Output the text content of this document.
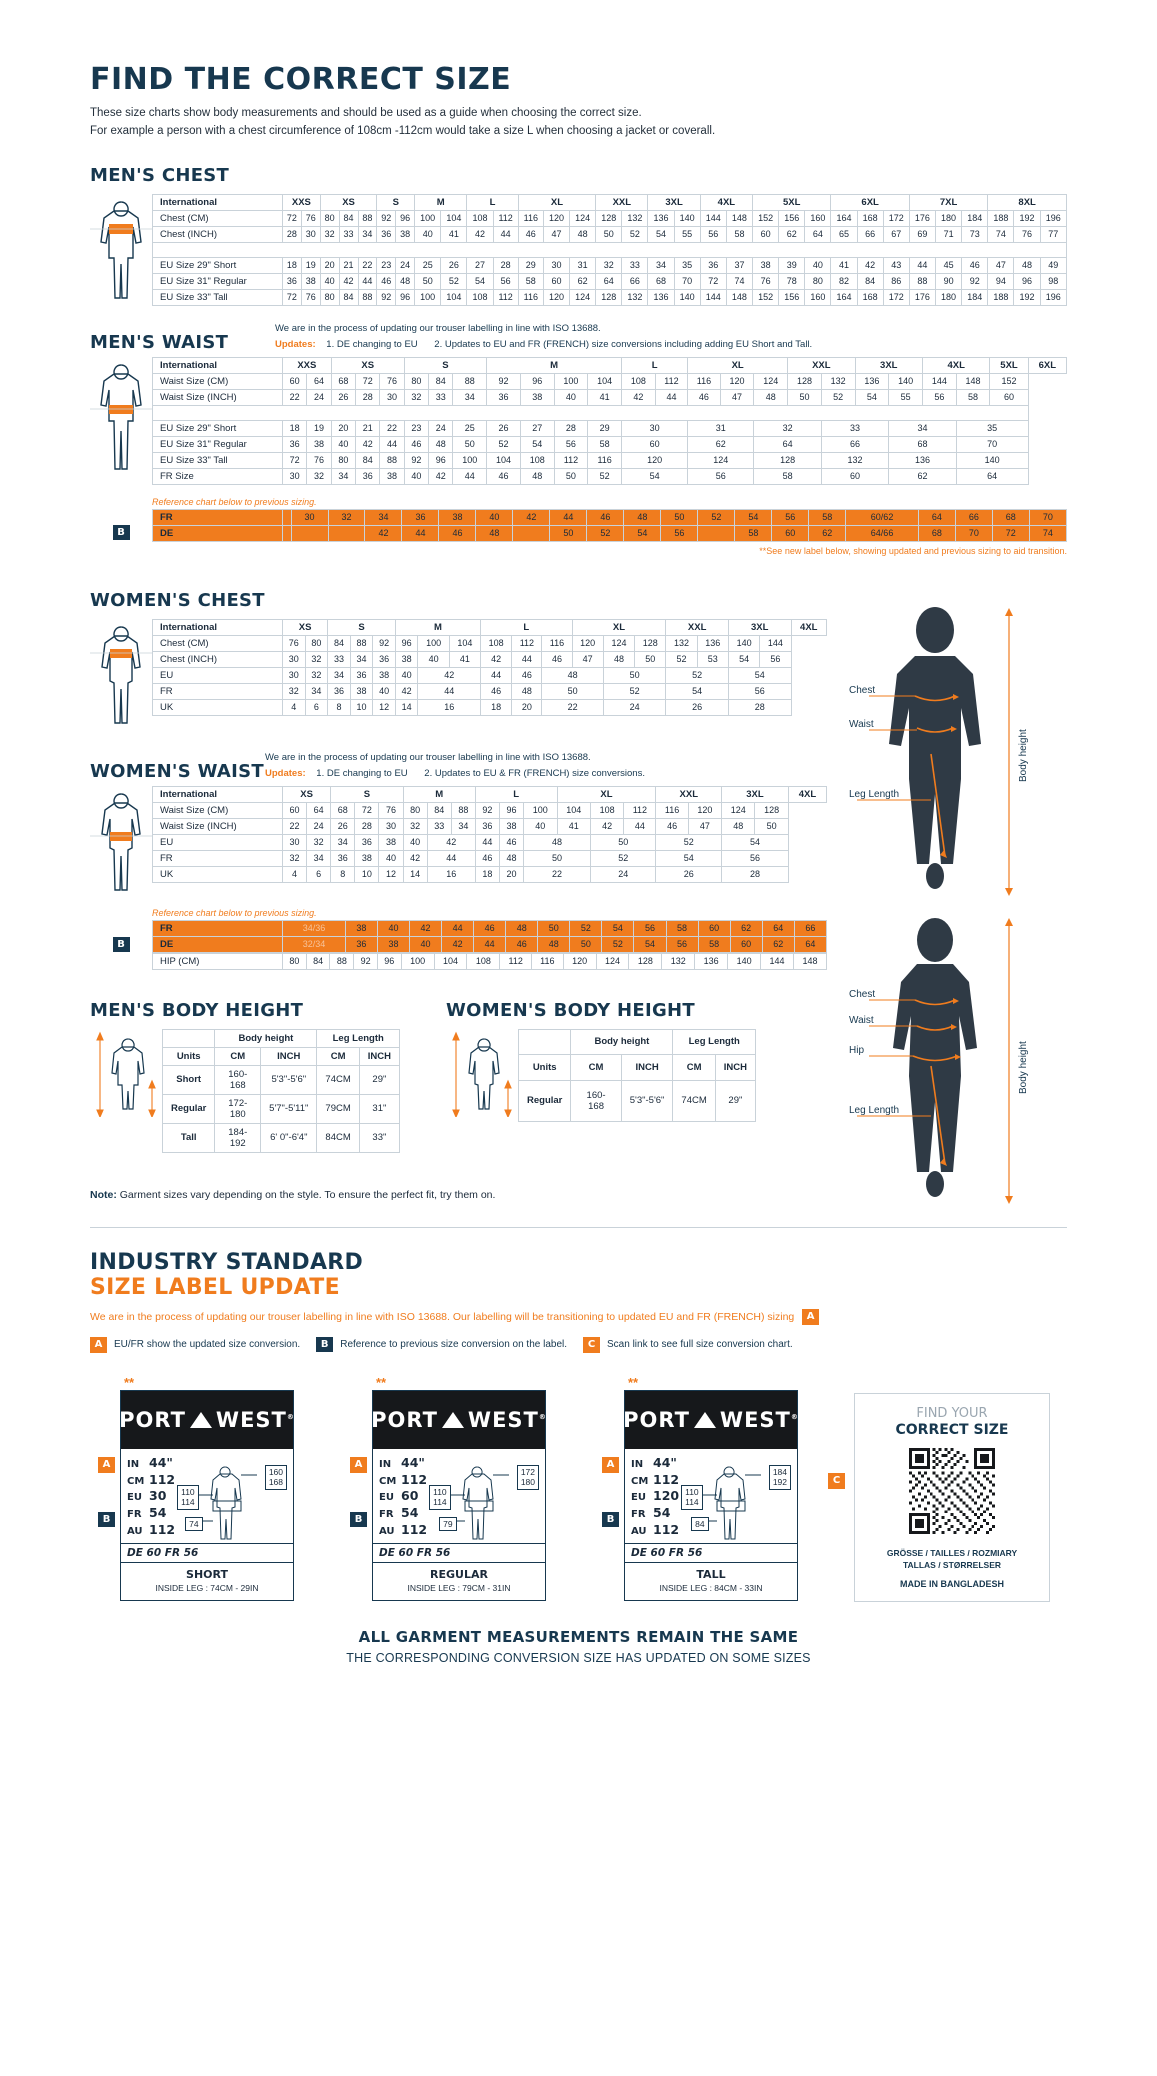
FIND THE CORRECT SIZE
These size charts show body measurements and should be used as a guide when choosing the correct size.
For example a person with a chest circumference of 108cm -112cm would take a size L when choosing a jacket or coverall.
MEN'S CHEST
International	XXS		XS			S		M		L		XL			XXL		3XL		4XL		5XL			6XL			7XL			8XL		
Chest (CM)	72	76	80	84	88	92	96	100	104	108	112	116	120	124	128	132	136	140	144	148	152	156	160	164	168	172	176	180	184	188	192	196
Chest (INCH)	28	30	32	33	34	36	38	40	41	42	44	46	47	48	50	52	54	55	56	58	60	62	64	65	66	67	69	71	73	74	76	77

EU Size 29" Short	18	19	20	21	22	23	24	25	26	27	28	29	30	31	32	33	34	35	36	37	38	39	40	41	42	43	44	45	46	47	48	49
EU Size 31" Regular	36	38	40	42	44	46	48	50	52	54	56	58	60	62	64	66	68	70	72	74	76	78	80	82	84	86	88	90	92	94	96	98
EU Size 33" Tall	72	76	80	84	88	92	96	100	104	108	112	116	120	124	128	132	136	140	144	148	152	156	160	164	168	172	176	180	184	188	192	196
MEN'S WAIST
We are in the process of updating our trouser labelling in line with ISO 13688.
Updates: 1. DE changing to EU 2. Updates to EU and FR (FRENCH) size conversions including adding EU Short and Tall.
International	XXS		XS			S			M				L		XL			XXL		3XL		4XL		5XL	6XL
Waist Size (CM)	60	64	68	72	76	80	84	88	92	96	100	104	108	112	116	120	124	128	132	136	140	144	148	152	
Waist Size (INCH)	22	24	26	28	30	32	33	34	36	38	40	41	42	44	46	47	48	50	52	54	55	56	58	60	

EU Size 29" Short	18	19	20	21	22	23	24	25	26	27	28	29	30		31		32		33		34		35		
EU Size 31" Regular	36	38	40	42	44	46	48	50	52	54	56	58	60		62		64		66		68		70		
EU Size 33" Tall	72	76	80	84	88	92	96	100	104	108	112	116	120		124		128		132		136		140		
FR Size	30	32	34	36	38	40	42	44	46	48	50	52	54		56		58		60		62		64		
Reference chart below to previous sizing.
B
FR		30	32	34	36	38	40	42	44	46	48	50	52	54	56	58	60/62	64	66	68	70
DE				42	44	46	48		50	52	54	56		58	60	62	64/66	68	70	72	74
**See new label below, showing updated and previous sizing to aid transition.
Chest
Waist
Leg Length
Body height
Chest
Waist
Hip
Leg Length
Body height
WOMEN'S CHEST
International	XS		S			M			L			XL			XXL		3XL		4XL
Chest (CM)	76	80	84	88	92	96	100	104	108	112	116	120	124	128	132	136	140	144	
Chest (INCH)	30	32	33	34	36	38	40	41	42	44	46	47	48	50	52	53	54	56	
EU	30	32	34	36	38	40	42		44	46	48		50		52		54		
FR	32	34	36	38	40	42	44		46	48	50		52		54		56		
UK	4	6	8	10	12	14	16		18	20	22		24		26		28		
WOMEN'S WAIST
We are in the process of updating our trouser labelling in line with ISO 13688.
Updates: 1. DE changing to EU 2. Updates to EU & FR (FRENCH) size conversions.
International	XS		S			M			L			XL			XXL		3XL		4XL
Waist Size (CM)	60	64	68	72	76	80	84	88	92	96	100	104	108	112	116	120	124	128	
Waist Size (INCH)	22	24	26	28	30	32	33	34	36	38	40	41	42	44	46	47	48	50	
EU	30	32	34	36	38	40	42		44	46	48		50		52		54		
FR	32	34	36	38	40	42	44		46	48	50		52		54		56		
UK	4	6	8	10	12	14	16		18	20	22		24		26		28		
Reference chart below to previous sizing.
B
FR	34/36	38	40	42	44	46	48	50	52	54	56	58	60	62	64	66
DE	32/34	36	38	40	42	44	46	48	50	52	54	56	58	60	62	64
HIP (CM)	80	84	88	92	96	100	104	108	112	116	120	124	128	132	136	140	144	148
MEN'S BODY HEIGHT
	Body height		Leg Length	
Units	CM	INCH	CM	INCH
Short	160-168	5'3"-5'6"	74CM	29"
Regular	172-180	5'7"-5'11"	79CM	31"
Tall	184-192	6' 0"-6'4"	84CM	33"
WOMEN'S BODY HEIGHT
	Body height		Leg Length	
Units	CM	INCH	CM	INCH
Regular	160-168	5'3"-5'6"	74CM	29"
Note: Garment sizes vary depending on the style. To ensure the perfect fit, try them on.
INDUSTRY STANDARD
SIZE LABEL UPDATE
We are in the process of updating our trouser labelling in line with ISO 13688. Our labelling will be transitioning to updated EU and FR (FRENCH) sizing A
A	EU/FR show the updated size conversion.	B	Reference to previous size conversion on the label.	C	Scan link to see full size conversion chart.
**
PORT WEST®
IN 44"
CM 112
EU 30
FR 54
AU 112
110
114
160
168
74
DE 60 FR 56
SHORT
INSIDE LEG : 74CM - 29IN
A
B
**
PORT WEST®
IN 44"
CM 112
EU 60
FR 54
AU 112
110
114
172
180
79
DE 60 FR 56
REGULAR
INSIDE LEG : 79CM - 31IN
A
B
**
PORT WEST®
IN 44"
CM 112
EU 120
FR 54
AU 112
110
114
184
192
84
DE 60 FR 56
TALL
INSIDE LEG : 84CM - 33IN
A
B
C
FIND YOUR
CORRECT SIZE
GRÖSSE / TAILLES / ROZMIARY
TALLAS / STØRRELSER
MADE IN BANGLADESH
ALL GARMENT MEASUREMENTS REMAIN THE SAME
THE CORRESPONDING CONVERSION SIZE HAS UPDATED ON SOME SIZES
